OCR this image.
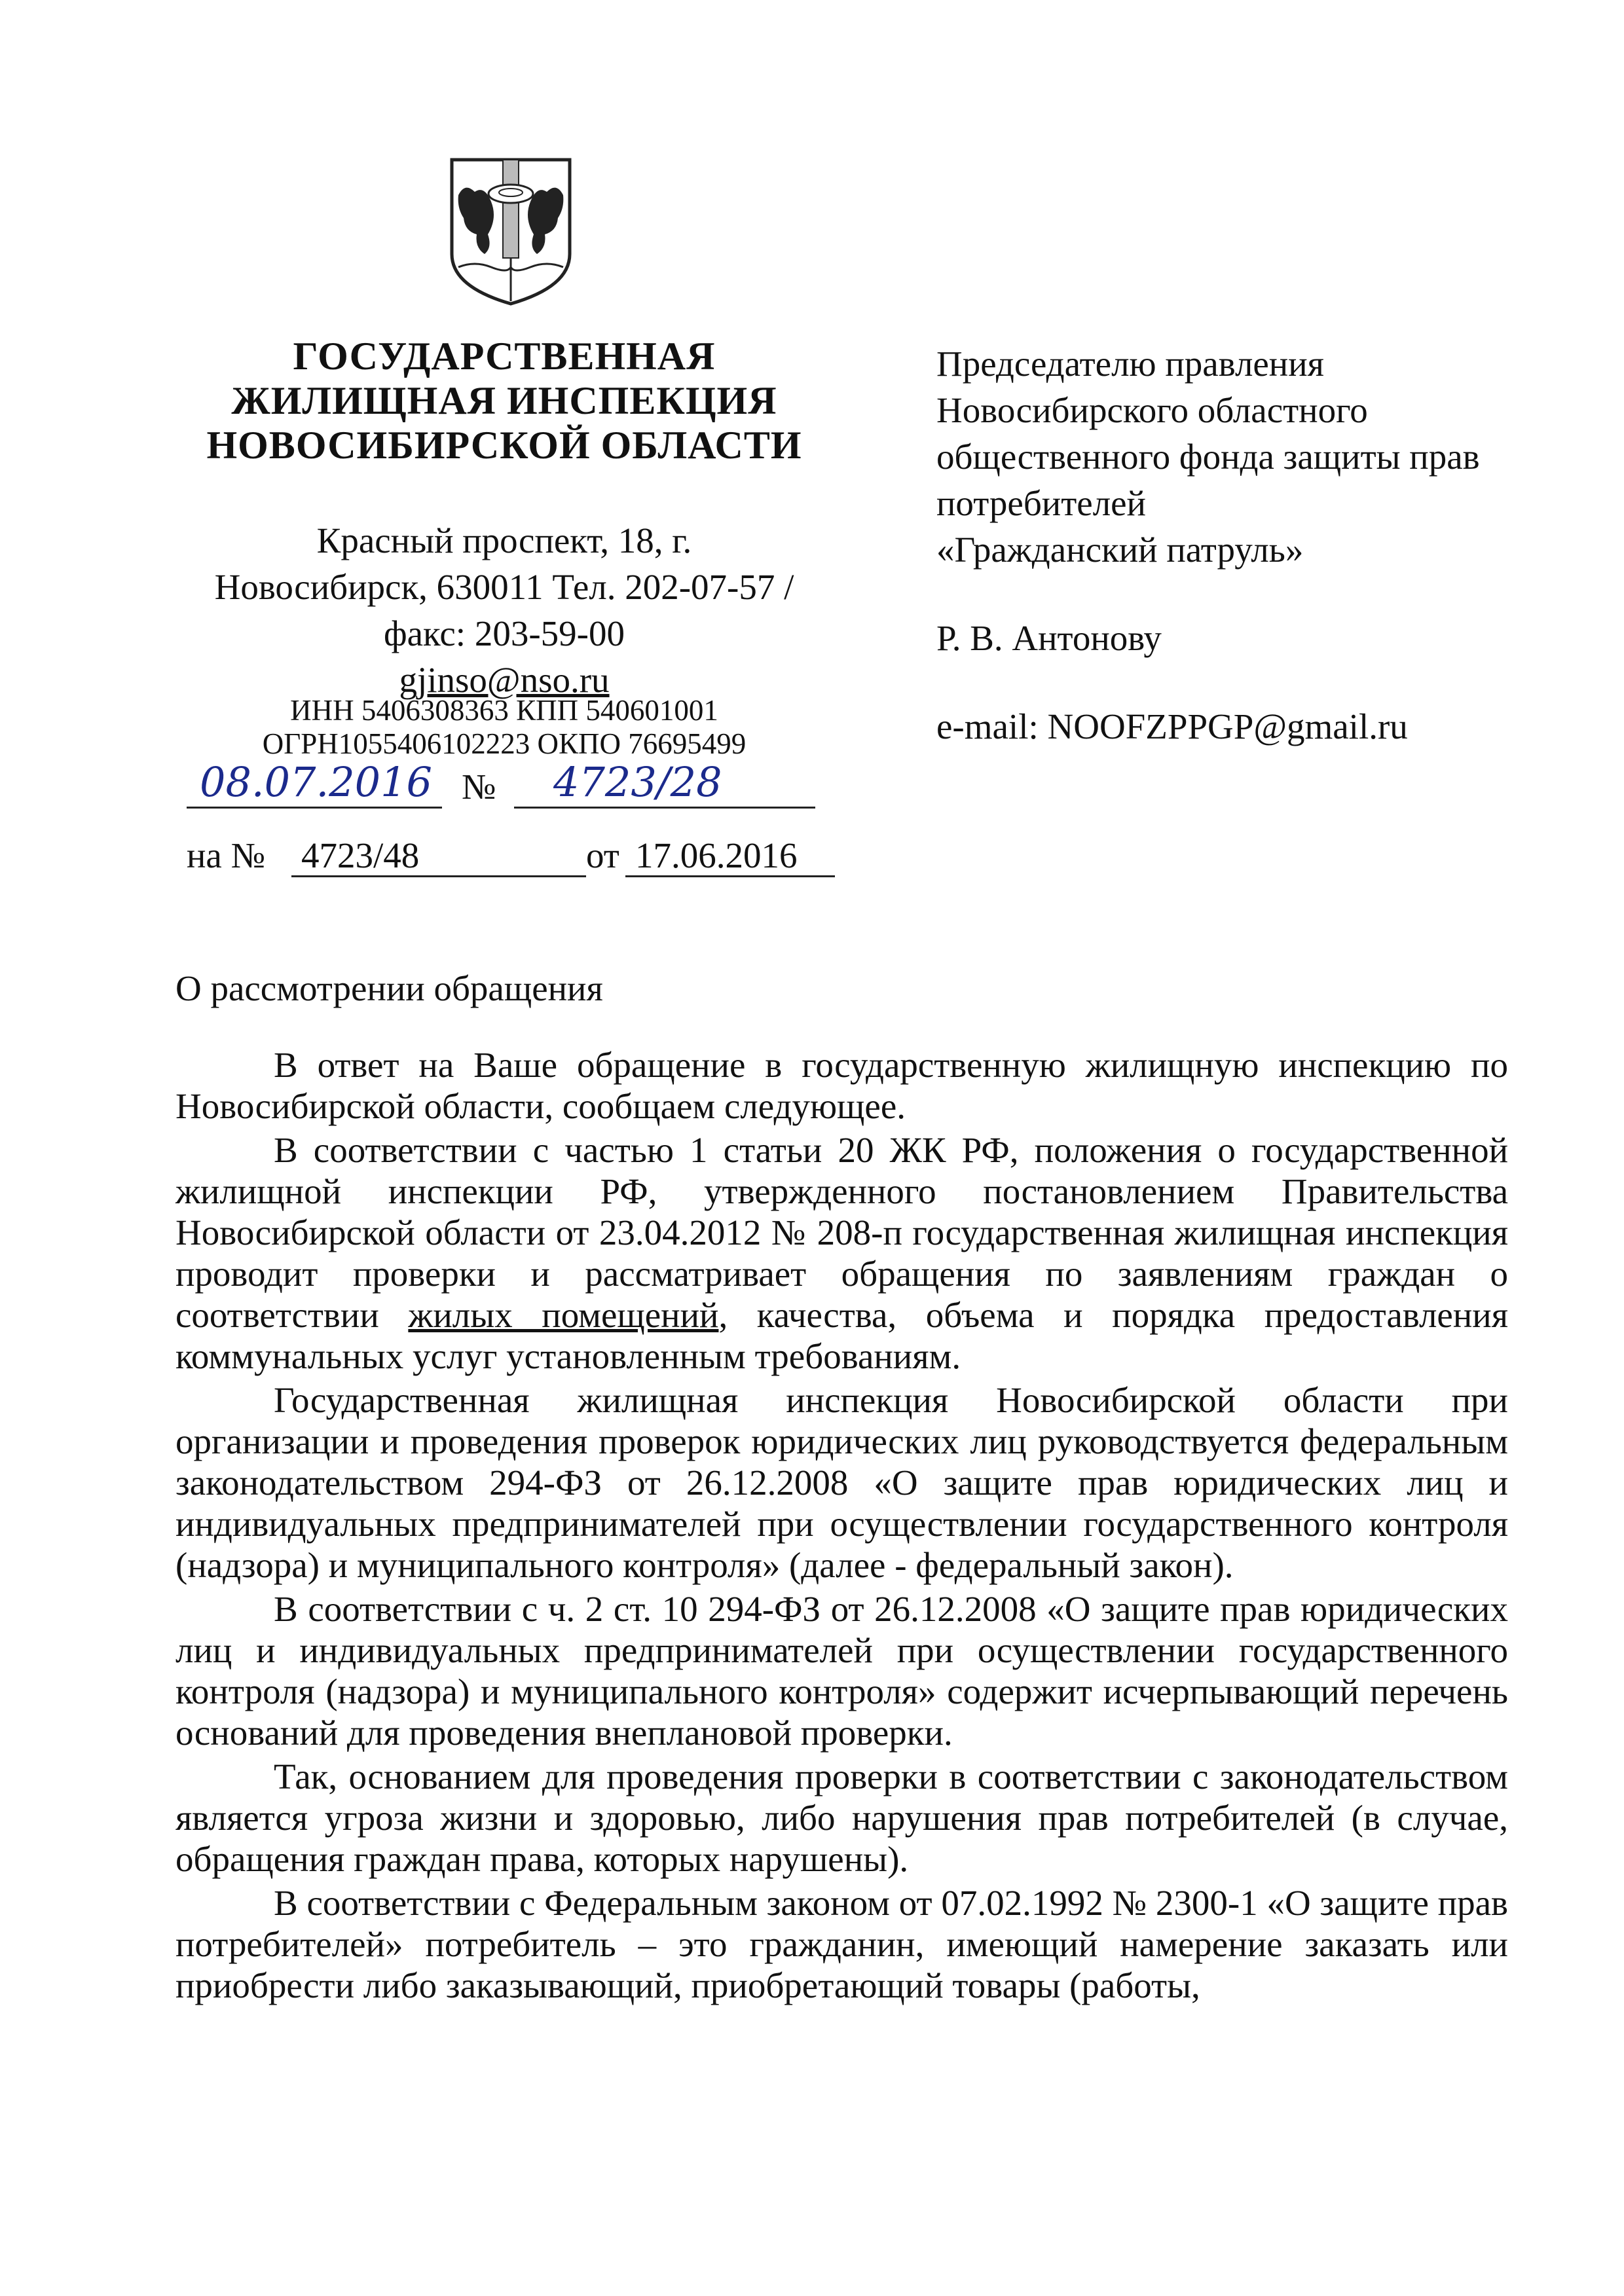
ГОСУДАРСТВЕННАЯ
ЖИЛИЩНАЯ ИНСПЕКЦИЯ
НОВОСИБИРСКОЙ ОБЛАСТИ
Красный проспект, 18, г.
Новосибирск, 630011 Тел. 202-07-57 /
факс: 203-59-00
gjinso@nso.ru
ИНН 5406308363 КПП 540601001
ОГРН1055406102223 ОКПО 76695499
08.07.2016 № 4723/28
на № 4723/48	от 17.06.2016
Председателю правления
Новосибирского областного
общественного фонда защиты прав
потребителей
«Гражданский патруль»
Р. В. Антонову
e-mail: NOOFZPPGP@gmail.ru
О рассмотрении обращения

В ответ на Ваше обращение в государственную жилищную инспекцию по Новосибирской области, сообщаем следующее.

В соответствии с частью 1 статьи 20 ЖК РФ, положения о государственной жилищной инспекции РФ, утвержденного постановлением Правительства Новосибирской области от 23.04.2012 № 208-п государственная жилищная инспекция проводит проверки и рассматривает обращения по заявлениям граждан о соответствии жилых помещений, качества, объема и порядка предоставления коммунальных услуг установленным требованиям.

Государственная жилищная инспекция Новосибирской области при организации и проведения проверок юридических лиц руководствуется федеральным законодательством 294-ФЗ от 26.12.2008 «О защите прав юридических лиц и индивидуальных предпринимателей при осуществлении государственного контроля (надзора) и муниципального контроля» (далее - федеральный закон).

В соответствии с ч. 2 ст. 10 294-ФЗ от 26.12.2008 «О защите прав юридических лиц и индивидуальных предпринимателей при осуществлении государственного контроля (надзора) и муниципального контроля» содержит исчерпывающий перечень оснований для проведения внеплановой проверки.

Так, основанием для проведения проверки в соответствии с законодательством является угроза жизни и здоровью, либо нарушения прав потребителей (в случае, обращения граждан права, которых нарушены).

В соответствии с Федеральным законом от 07.02.1992 № 2300-1 «О защите прав потребителей» потребитель – это гражданин, имеющий намерение заказать или приобрести либо заказывающий, приобретающий товары (работы,
